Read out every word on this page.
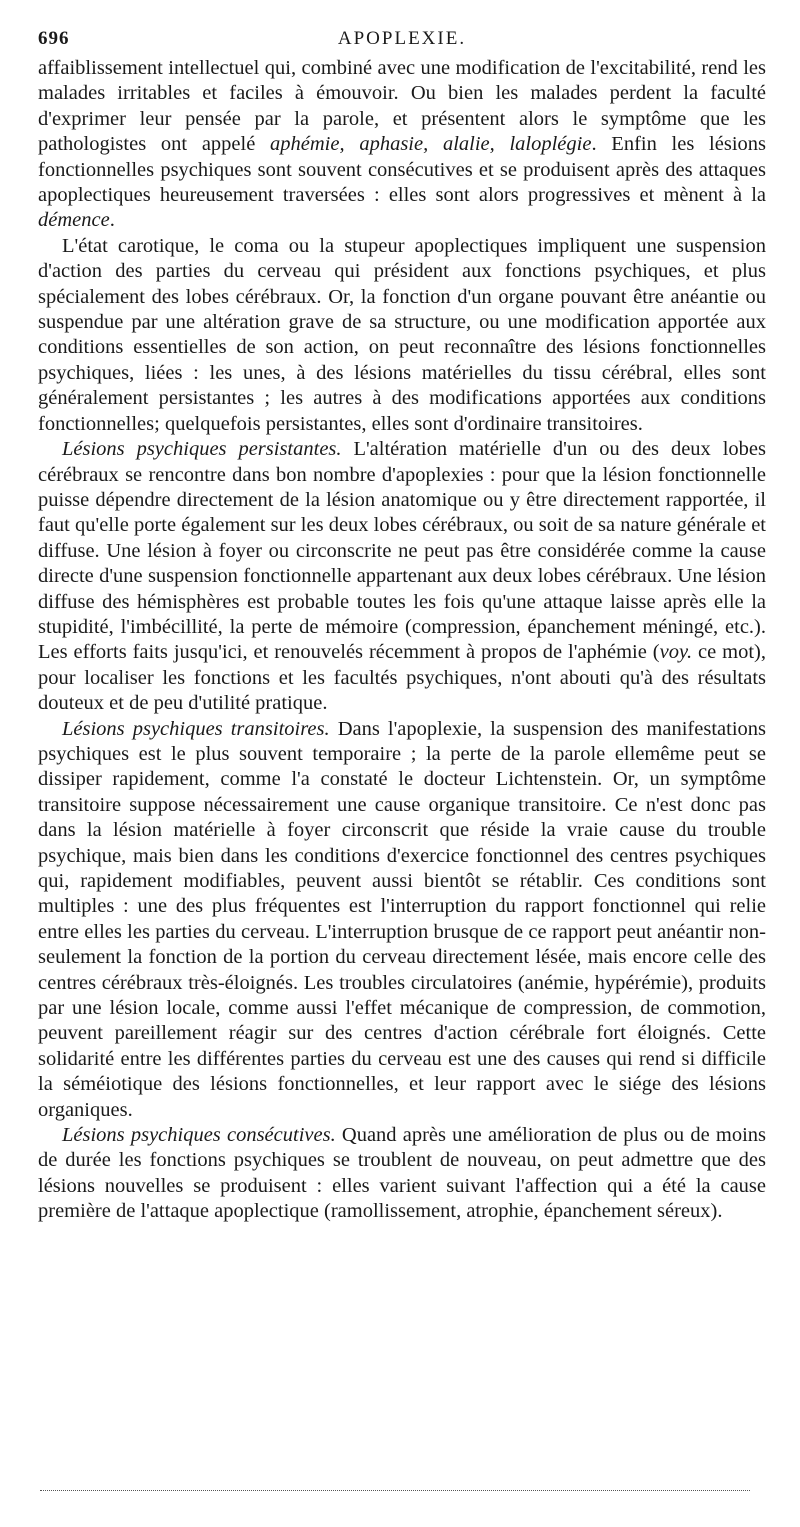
696	APOPLEXIE.

affaiblissement intellectuel qui, combiné avec une modification de l'excitabilité, rend les malades irritables et faciles à émouvoir. Ou bien les malades perdent la faculté d'exprimer leur pensée par la parole, et présentent alors le symptôme que les pathologistes ont appelé aphémie, aphasie, alalie, laloplégie. Enfin les lésions fonctionnelles psychiques sont souvent consécutives et se produisent après des attaques apoplectiques heureusement traversées : elles sont alors progressives et mènent à la démence.

L'état carotique, le coma ou la stupeur apoplectiques impliquent une suspension d'action des parties du cerveau qui président aux fonctions psychiques, et plus spécialement des lobes cérébraux. Or, la fonction d'un organe pouvant être anéantie ou suspendue par une altération grave de sa structure, ou une modification apportée aux conditions essentielles de son action, on peut reconnaître des lésions fonctionnelles psychiques, liées : les unes, à des lésions matérielles du tissu cérébral, elles sont généralement persistantes ; les autres à des modifications apportées aux conditions fonctionnelles; quelquefois persistantes, elles sont d'ordinaire transitoires.

Lésions psychiques persistantes. L'altération matérielle d'un ou des deux lobes cérébraux se rencontre dans bon nombre d'apoplexies : pour que la lésion fonctionnelle puisse dépendre directement de la lésion anatomique ou y être directement rapportée, il faut qu'elle porte également sur les deux lobes cérébraux, ou soit de sa nature générale et diffuse. Une lésion à foyer ou circonscrite ne peut pas être considérée comme la cause directe d'une suspension fonctionnelle appartenant aux deux lobes cérébraux. Une lésion diffuse des hémisphères est probable toutes les fois qu'une attaque laisse après elle la stupidité, l'imbécillité, la perte de mémoire (compression, épanchement méningé, etc.). Les efforts faits jusqu'ici, et renouvelés récemment à propos de l'aphémie (voy. ce mot), pour localiser les fonctions et les facultés psychiques, n'ont abouti qu'à des résultats douteux et de peu d'utilité pratique.

Lésions psychiques transitoires. Dans l'apoplexie, la suspension des manifestations psychiques est le plus souvent temporaire ; la perte de la parole ellemême peut se dissiper rapidement, comme l'a constaté le docteur Lichtenstein. Or, un symptôme transitoire suppose nécessairement une cause organique transitoire. Ce n'est donc pas dans la lésion matérielle à foyer circonscrit que réside la vraie cause du trouble psychique, mais bien dans les conditions d'exercice fonctionnel des centres psychiques qui, rapidement modifiables, peuvent aussi bientôt se rétablir. Ces conditions sont multiples : une des plus fréquentes est l'interruption du rapport fonctionnel qui relie entre elles les parties du cerveau. L'interruption brusque de ce rapport peut anéantir non-seulement la fonction de la portion du cerveau directement lésée, mais encore celle des centres cérébraux très-éloignés. Les troubles circulatoires (anémie, hypérémie), produits par une lésion locale, comme aussi l'effet mécanique de compression, de commotion, peuvent pareillement réagir sur des centres d'action cérébrale fort éloignés. Cette solidarité entre les différentes parties du cerveau est une des causes qui rend si difficile la séméiotique des lésions fonctionnelles, et leur rapport avec le siége des lésions organiques.

Lésions psychiques consécutives. Quand après une amélioration de plus ou de moins de durée les fonctions psychiques se troublent de nouveau, on peut admettre que des lésions nouvelles se produisent : elles varient suivant l'affection qui a été la cause première de l'attaque apoplectique (ramollissement, atrophie, épanchement séreux).
